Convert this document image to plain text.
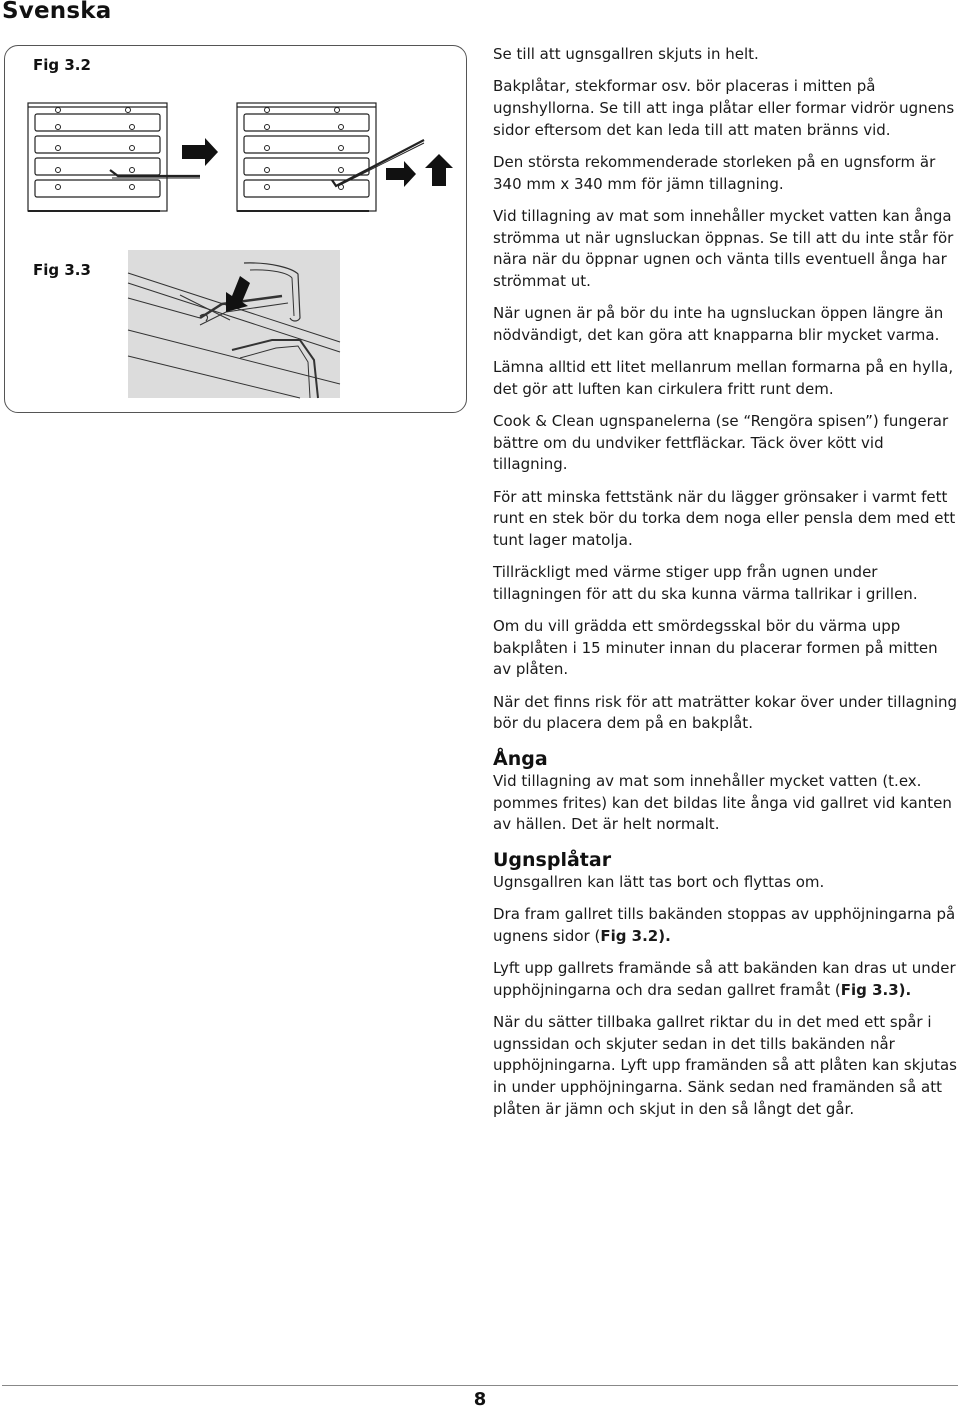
Svenska
Fig 3.2
Fig 3.3

Se till att ugnsgallren skjuts in helt.

Bakplåtar, stekformar osv. bör placeras i mitten på ugnshyllorna. Se till att inga plåtar eller formar vidrör ugnens sidor eftersom det kan leda till att maten bränns vid.

Den största rekommenderade storleken på en ugnsform är 340 mm x 340 mm för jämn tillagning.

Vid tillagning av mat som innehåller mycket vatten kan ånga strömma ut när ugnsluckan öppnas. Se till att du inte står för nära när du öppnar ugnen och vänta tills eventuell ånga har strömmat ut.

När ugnen är på bör du inte ha ugnsluckan öppen längre än nödvändigt, det kan göra att knapparna blir mycket varma.

Lämna alltid ett litet mellanrum mellan formarna på en hylla, det gör att luften kan cirkulera fritt runt dem.

Cook & Clean ugnspanelerna (se “Rengöra spisen”) fungerar bättre om du undviker fettfläckar. Täck över kött vid tillagning.

För att minska fettstänk när du lägger grönsaker i varmt fett runt en stek bör du torka dem noga eller pensla dem med ett tunt lager matolja.

Tillräckligt med värme stiger upp från ugnen under tillagningen för att du ska kunna värma tallrikar i grillen.

Om du vill grädda ett smördegsskal bör du värma upp bakplåten i 15 minuter innan du placerar formen på mitten av plåten.

När det finns risk för att maträtter kokar över under tillagning bör du placera dem på en bakplåt.

Ånga

Vid tillagning av mat som innehåller mycket vatten (t.ex. pommes frites) kan det bildas lite ånga vid gallret vid kanten av hällen. Det är helt normalt.

Ugnsplåtar

Ugnsgallren kan lätt tas bort och flyttas om.

Dra fram gallret tills bakänden stoppas av upphöjningarna på ugnens sidor (Fig 3.2).

Lyft upp gallrets framände så att bakänden kan dras ut under upphöjningarna och dra sedan gallret framåt (Fig 3.3).

När du sätter tillbaka gallret riktar du in det med ett spår i ugnssidan och skjuter sedan in det tills bakänden når upphöjningarna. Lyft upp framänden så att plåten kan skjutas in under upphöjningarna. Sänk sedan ned framänden så att plåten är jämn och skjut in den så långt det går.

8
